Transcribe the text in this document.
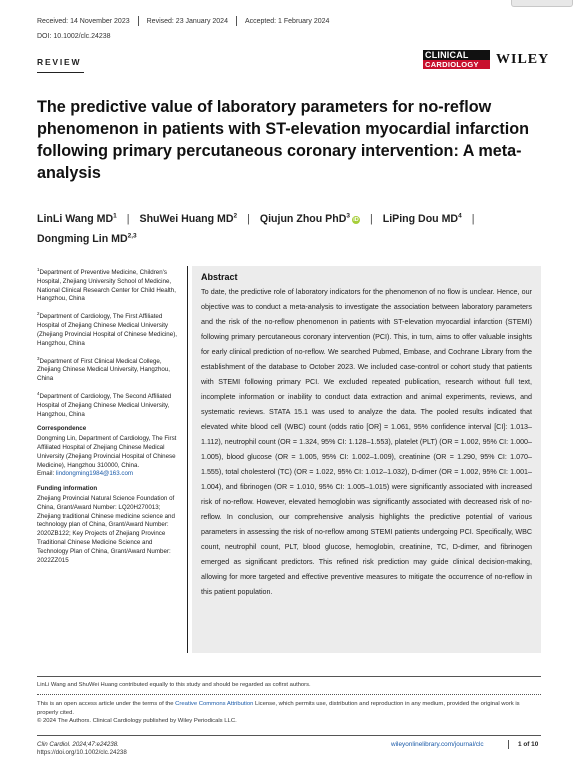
Received: 14 November 2023 Revised: 23 January 2024 Accepted: 1 February 2024
DOI: 10.1002/clc.24238
REVIEW
CLINICAL
CARDIOLOGY	WILEY
The predictive value of laboratory parameters for no-reflow phenomenon in patients with ST-elevation myocardial infarction following primary percutaneous coronary intervention: A meta-analysis
LinLi Wang $MD^1$ | ShuWei Huang $MD^2$ | Qiujun Zhou PhD$^3$iD | LiPing Dou $MD^4$ |
Dongming Lin MD$^{2,3}$

$^1$Department of Preventive Medicine, Children's Hospital, Zhejiang University School of Medicine, National Clinical Research Center for Child Health, Hangzhou, China

$^2$Department of Cardiology, The First Affiliated Hospital of Zhejiang Chinese Medical University (Zhejiang Provincial Hospital of Chinese Medicine), Hangzhou, China

$^3$Department of First Clinical Medical College, Zhejiang Chinese Medical University, Hangzhou, China

$^4$Department of Cardiology, The Second Affiliated Hospital of Zhejiang Chinese Medical University, Hangzhou, China

Correspondence

Dongming Lin, Department of Cardiology, The First Affiliated Hospital of Zhejiang Chinese Medical University (Zhejiang Provincial Hospital of Chinese Medicine), Hangzhou 310000, China.
Email: lindongming1984@163.com

Funding information

Zhejiang Provincial Natural Science Foundation of China, Grant/Award Number: LQ20H270013; Zhejiang traditional Chinese medicine science and technology plan of China, Grant/Award Number: 2020ZB122; Key Projects of Zhejiang Province Traditional Chinese Medicine Science and Technology Plan of China, Grant/Award Number: 2022ZZ015

Abstract
To date, the predictive role of laboratory indicators for the phenomenon of no flow is unclear. Hence, our objective was to conduct a meta-analysis to investigate the association between laboratory parameters and the risk of the no-reflow phenomenon in patients with ST-elevation myocardial infarction (STEMI) following primary percutaneous coronary intervention (PCI). This, in turn, aims to offer valuable insights for early clinical prediction of no-reflow. We searched Pubmed, Embase, and Cochrane Library from the establishment of the database to October 2023. We included case-control or cohort study that patients with STEMI following primary PCI. We excluded repeated publication, research without full text, incomplete information or inability to conduct data extraction and animal experiments, reviews, and systematic reviews. STATA 15.1 was used to analyze the data. The pooled results indicated that elevated white blood cell (WBC) count (odds ratio [OR] = 1.061, 95% confidence interval [CI]: 1.013–1.112), neutrophil count (OR = 1.324, 95% CI: 1.128–1.553), platelet (PLT) (OR = 1.002, 95% CI: 1.000–1.005), blood glucose (OR = 1.005, 95% CI: 1.002–1.009), creatinine (OR = 1.290, 95% CI: 1.070–1.555), total cholesterol (TC) (OR = 1.022, 95% CI: 1.012–1.032), D-dimer (OR = 1.002, 95% CI: 1.001–1.004), and fibrinogen (OR = 1.010, 95% CI: 1.005–1.015) were significantly associated with increased risk of no-reflow. However, elevated hemoglobin was significantly associated with decreased risk of no-reflow. In conclusion, our comprehensive analysis highlights the predictive potential of various parameters in assessing the risk of no-reflow among STEMI patients undergoing PCI. Specifically, WBC count, neutrophil count, PLT, blood glucose, hemoglobin, creatinine, TC, D-dimer, and fibrinogen emerged as significant predictors. This refined risk prediction may guide clinical decision-making, allowing for more targeted and effective preventive measures to mitigate the occurrence of no-reflow in this patient population.
LinLi Wang and ShuWei Huang contributed equally to this study and should be regarded as cofirst authors.
This is an open access article under the terms of the Creative Commons Attribution License, which permits use, distribution and reproduction in any medium, provided the original work is properly cited.
© 2024 The Authors. Clinical Cardiology published by Wiley Periodicals LLC.
Clin Cardiol. 2024;47:e24238.
https://doi.org/10.1002/clc.24238
wileyonlinelibrary.com/journal/clc	1 of 10
